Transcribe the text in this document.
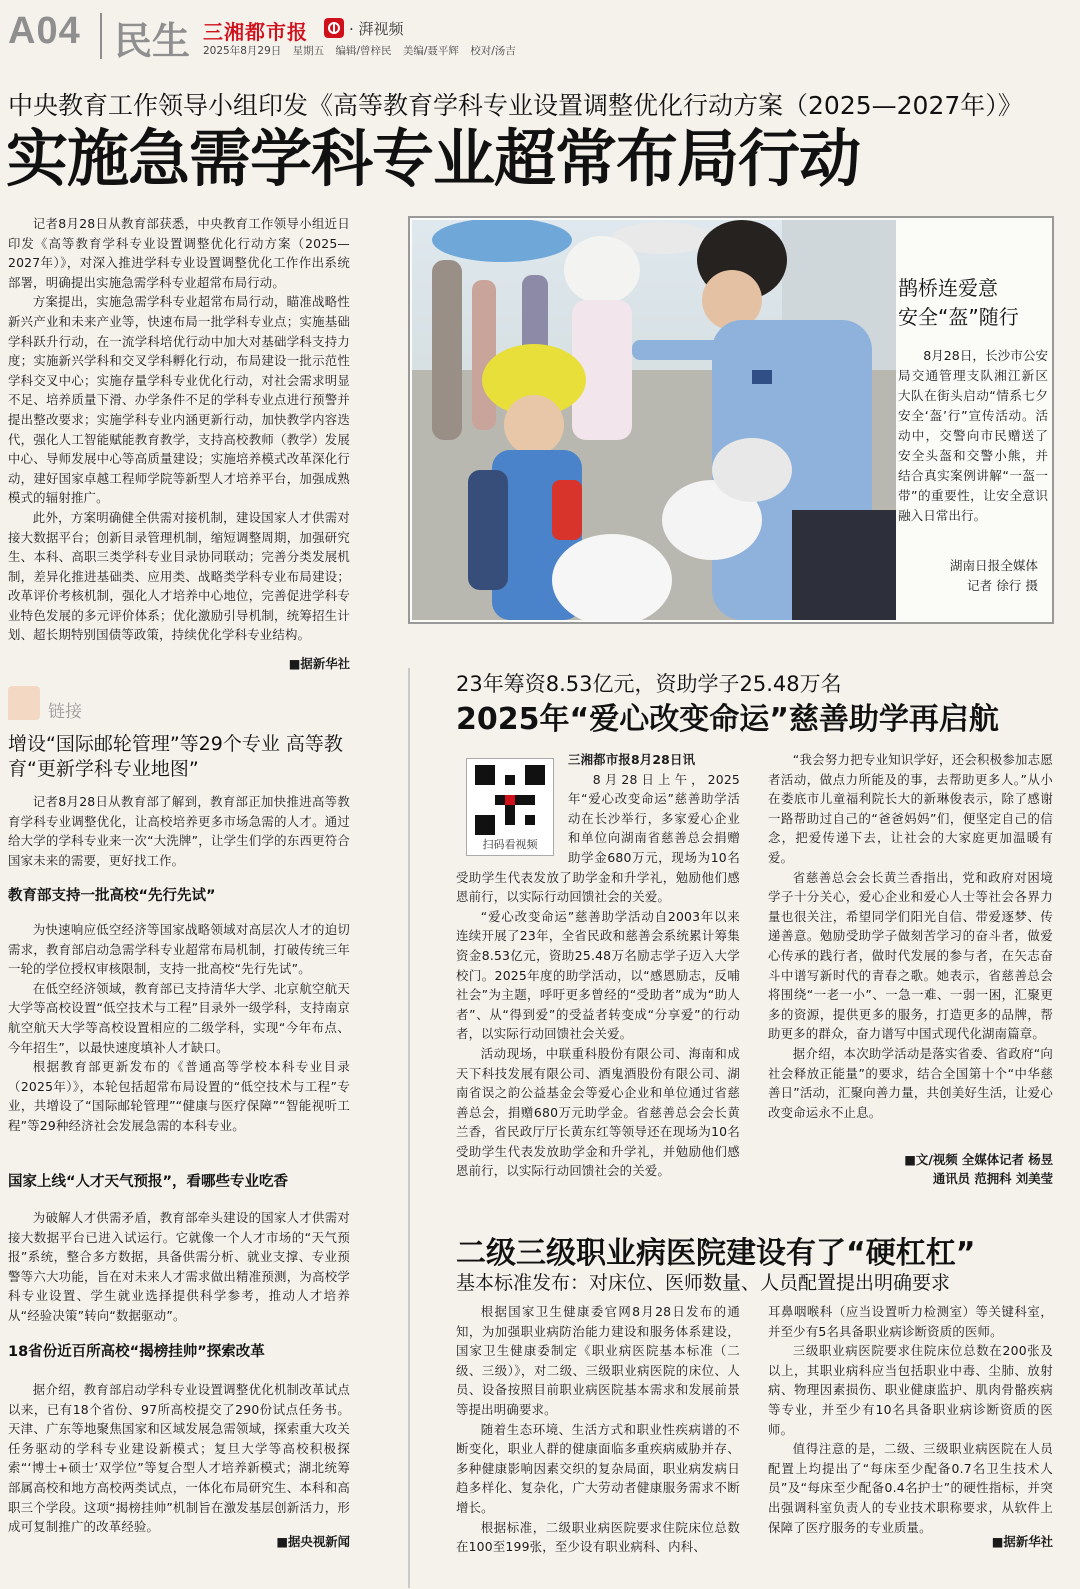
A04 民生 三湘都市报	· 湃视频
2025年8月29日 星期五 编辑/曾梓民 美编/聂平辉 校对/汤吉
中央教育工作领导小组印发《高等教育学科专业设置调整优化行动方案（2025—2027年）》
实施急需学科专业超常布局行动

记者8月28日从教育部获悉，中央教育工作领导小组近日印发《高等教育学科专业设置调整优化行动方案（2025—2027年）》，对深入推进学科专业设置调整优化工作作出系统部署，明确提出实施急需学科专业超常布局行动。

方案提出，实施急需学科专业超常布局行动，瞄准战略性新兴产业和未来产业等，快速布局一批学科专业点；实施基础学科跃升行动，在一流学科培优行动中加大对基础学科支持力度；实施新兴学科和交叉学科孵化行动，布局建设一批示范性学科交叉中心；实施存量学科专业优化行动，对社会需求明显不足、培养质量下滑、办学条件不足的学科专业点进行预警并提出整改要求；实施学科专业内涵更新行动，加快教学内容迭代，强化人工智能赋能教育教学，支持高校教师（教学）发展中心、导师发展中心等高质量建设；实施培养模式改革深化行动，建好国家卓越工程师学院等新型人才培养平台，加强成熟模式的辐射推广。

此外，方案明确健全供需对接机制，建设国家人才供需对接大数据平台；创新目录管理机制，缩短调整周期，加强研究生、本科、高职三类学科专业目录协同联动；完善分类发展机制，差异化推进基础类、应用类、战略类学科专业布局建设；改革评价考核机制，强化人才培养中心地位，完善促进学科专业特色发展的多元评价体系；优化激励引导机制，统筹招生计划、超长期特别国债等政策，持续优化学科专业结构。

■据新华社
链接
增设“国际邮轮管理”等29个专业 高等教育“更新学科专业地图”

记者8月28日从教育部了解到，教育部正加快推进高等教育学科专业调整优化，让高校培养更多市场急需的人才。通过给大学的学科专业来一次“大洗牌”，让学生们学的东西更符合国家未来的需要，更好找工作。

教育部支持一批高校“先行先试”

为快速响应低空经济等国家战略领域对高层次人才的迫切需求，教育部启动急需学科专业超常布局机制，打破传统三年一轮的学位授权审核限制，支持一批高校“先行先试”。

在低空经济领域，教育部已支持清华大学、北京航空航天大学等高校设置“低空技术与工程”目录外一级学科，支持南京航空航天大学等高校设置相应的二级学科，实现“今年布点、今年招生”，以最快速度填补人才缺口。

根据教育部更新发布的《普通高等学校本科专业目录（2025年）》，本轮包括超常布局设置的“低空技术与工程”专业，共增设了“国际邮轮管理”“健康与医疗保障”“智能视听工程”等29种经济社会发展急需的本科专业。

国家上线“人才天气预报”，看哪些专业吃香

为破解人才供需矛盾，教育部牵头建设的国家人才供需对接大数据平台已进入试运行。它就像一个人才市场的“天气预报”系统，整合多方数据，具备供需分析、就业支撑、专业预警等六大功能，旨在对未来人才需求做出精准预测，为高校学科专业设置、学生就业选择提供科学参考，推动人才培养从“经验决策”转向“数据驱动”。

18省份近百所高校“揭榜挂帅”探索改革

据介绍，教育部启动学科专业设置调整优化机制改革试点以来，已有18个省份、97所高校提交了290份试点任务书。天津、广东等地聚焦国家和区域发展急需领域，探索重大攻关任务驱动的学科专业建设新模式；复旦大学等高校积极探索“‘博士+硕士’双学位”等复合型人才培养新模式；湖北统筹部属高校和地方高校两类试点，一体化布局研究生、本科和高职三个学段。这项“揭榜挂帅”机制旨在激发基层创新活力，形成可复制推广的改革经验。

■据央视新闻
鹊桥连爱意
安全“盔”随行

8月28日，长沙市公安局交通管理支队湘江新区大队在街头启动“情系七夕 安全‘盔’行”宣传活动。活动中，交警向市民赠送了安全头盔和交警小熊，并结合真实案例讲解“一盔一带”的重要性，让安全意识融入日常出行。

湖南日报全媒体
记者 徐行 摄
23年筹资8.53亿元，资助学子25.48万名
2025年“爱心改变命运”慈善助学再启航

三湘都市报8月28日讯

8月28日上午，2025年“爱心改变命运”慈善助学活动在长沙举行，多家爱心企业和单位向湖南省慈善总会捐赠助学金680万元，现场为10名受助学生代表发放了助学金和升学礼，勉励他们感恩前行，以实际行动回馈社会的关爱。

“爱心改变命运”慈善助学活动自2003年以来连续开展了23年，全省民政和慈善会系统累计筹集资金8.53亿元，资助25.48万名励志学子迈入大学校门。2025年度的助学活动，以“感恩励志，反哺社会”为主题，呼吁更多曾经的“受助者”成为“助人者”、从“得到爱”的受益者转变成“分享爱”的行动者，以实际行动回馈社会关爱。

活动现场，中联重科股份有限公司、海南和成天下科技发展有限公司、酒鬼酒股份有限公司、湖南省误之韵公益基金会等爱心企业和单位通过省慈善总会，捐赠680万元助学金。省慈善总会会长黄兰香，省民政厅厅长黄东红等领导还在现场为10名受助学生代表发放助学金和升学礼，并勉励他们感恩前行，以实际行动回馈社会的关爱。

扫码看视频

“我会努力把专业知识学好，还会积极参加志愿者活动，做点力所能及的事，去帮助更多人。”从小在娄底市儿童福利院长大的新琳俊表示，除了感谢一路帮助过自己的“爸爸妈妈”们，便坚定自己的信念，把爱传递下去，让社会的大家庭更加温暖有爱。

省慈善总会会长黄兰香指出，党和政府对困境学子十分关心，爱心企业和爱心人士等社会各界力量也很关注，希望同学们阳光自信、带爱逐梦、传递善意。勉励受助学子做刻苦学习的奋斗者，做爱心传承的践行者，做时代发展的参与者，在矢志奋斗中谱写新时代的青春之歌。她表示，省慈善总会将围绕“一老一小”、一急一难、一弱一困，汇聚更多的资源，提供更多的服务，打造更多的品牌，帮助更多的群众，奋力谱写中国式现代化湖南篇章。

据介绍，本次助学活动是落实省委、省政府“向社会释放正能量”的要求，结合全国第十个“中华慈善日”活动，汇聚向善力量，共创美好生活，让爱心改变命运永不止息。

■文/视频 全媒体记者 杨昱
通讯员 范拥科 刘美莹
二级三级职业病医院建设有了“硬杠杠”
基本标准发布：对床位、医师数量、人员配置提出明确要求

根据国家卫生健康委官网8月28日发布的通知，为加强职业病防治能力建设和服务体系建设，国家卫生健康委制定《职业病医院基本标准（二级、三级）》，对二级、三级职业病医院的床位、人员、设备按照目前职业病医院基本需求和发展前景等提出明确要求。

随着生态环境、生活方式和职业性疾病谱的不断变化，职业人群的健康面临多重疾病威胁并存、多种健康影响因素交织的复杂局面，职业病发病日趋多样化、复杂化，广大劳动者健康服务需求不断增长。

根据标准，二级职业病医院要求住院床位总数在100至199张，至少设有职业病科、内科、

耳鼻咽喉科（应当设置听力检测室）等关键科室，并至少有5名具备职业病诊断资质的医师。

三级职业病医院要求住院床位总数在200张及以上，其职业病科应当包括职业中毒、尘肺、放射病、物理因素损伤、职业健康监护、肌肉骨骼疾病等专业，并至少有10名具备职业病诊断资质的医师。

值得注意的是，二级、三级职业病医院在人员配置上均提出了“每床至少配备0.7名卫生技术人员”及“每床至少配备0.4名护士”的硬性指标，并突出强调科室负责人的专业技术职称要求，从软件上保障了医疗服务的专业质量。

■据新华社
